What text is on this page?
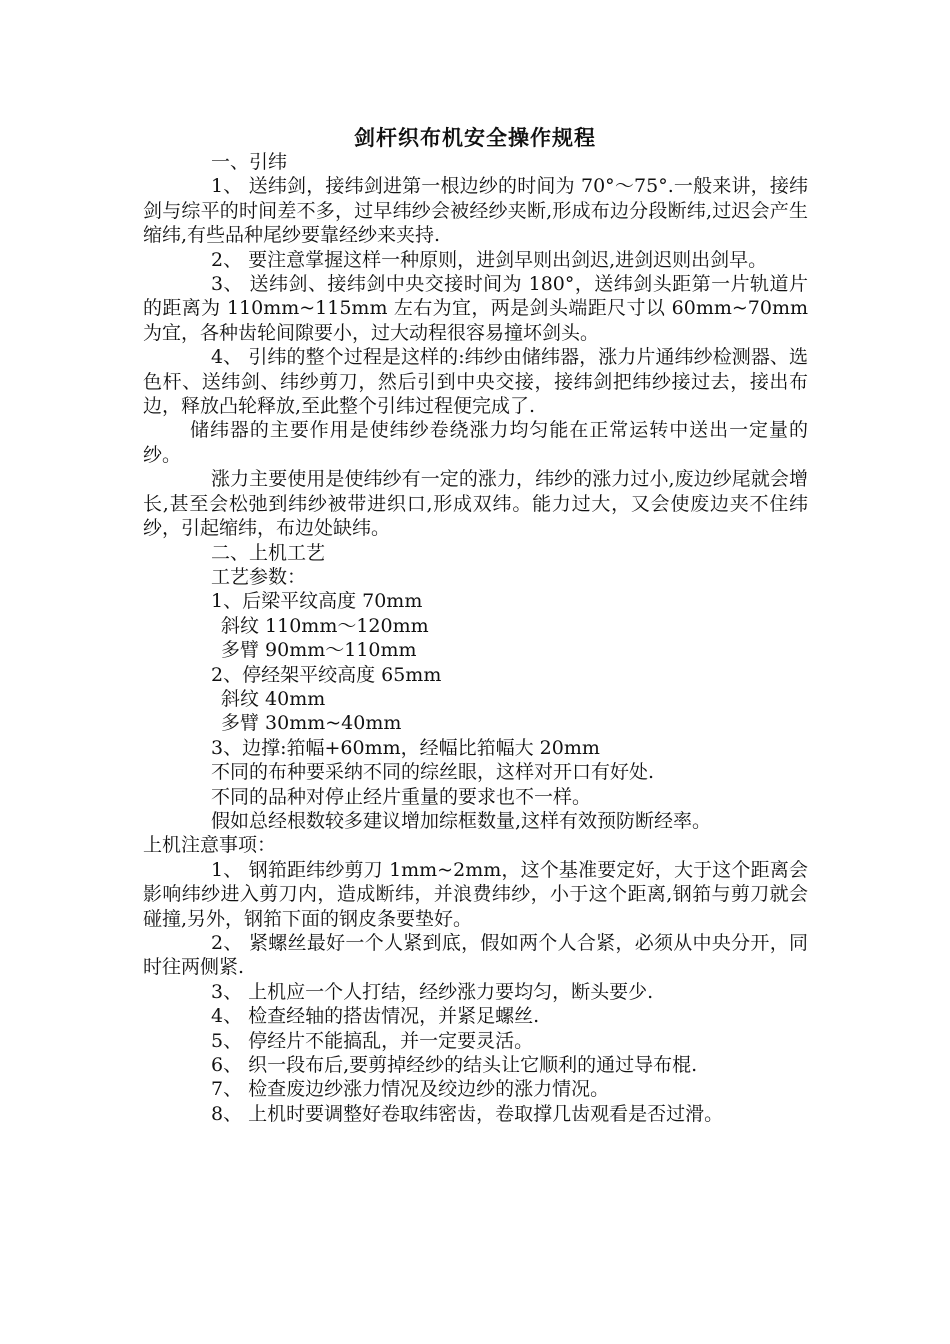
剑杆织布机安全操作规程

一、引纬

1、 送纬剑，接纬剑进第一根边纱的时间为 70°～75°.一般来讲，接纬剑与综平的时间差不多，过早纬纱会被经纱夹断,形成布边分段断纬,过迟会产生缩纬,有些品种尾纱要靠经纱来夹持.

2、 要注意掌握这样一种原则，进剑早则出剑迟,进剑迟则出剑早。

3、 送纬剑、接纬剑中央交接时间为 180°，送纬剑头距第一片轨道片的距离为 110mm~115mm 左右为宜，两是剑头端距尺寸以 60mm~70mm 为宜，各种齿轮间隙要小，过大动程很容易撞坏剑头。

4、 引纬的整个过程是这样的:纬纱由储纬器，涨力片通纬纱检测器、选色杆、送纬剑、纬纱剪刀，然后引到中央交接，接纬剑把纬纱接过去，接出布边，释放凸轮释放,至此整个引纬过程便完成了.

储纬器的主要作用是使纬纱卷绕涨力均匀能在正常运转中送出一定量的纱。

涨力主要使用是使纬纱有一定的涨力，纬纱的涨力过小,废边纱尾就会增长,甚至会松弛到纬纱被带进织口,形成双纬。能力过大，又会使废边夹不住纬纱，引起缩纬，布边处缺纬。

二、上机工艺

工艺参数：

1、后梁平纹高度 70mm

斜纹 110mm～120mm

多臂 90mm～110mm

2、停经架平绞高度 65mm

斜纹 40mm

多臂 30mm~40mm

3、边撑:筘幅+60mm，经幅比筘幅大 20mm

不同的布种要采纳不同的综丝眼，这样对开口有好处.

不同的品种对停止经片重量的要求也不一样。

假如总经根数较多建议增加综框数量,这样有效预防断经率。

上机注意事项：

1、 钢筘距纬纱剪刀 1mm~2mm，这个基准要定好，大于这个距离会影响纬纱进入剪刀内，造成断纬，并浪费纬纱，小于这个距离,钢筘与剪刀就会碰撞,另外，钢筘下面的钢皮条要垫好。

2、 紧螺丝最好一个人紧到底，假如两个人合紧，必须从中央分开，同时往两侧紧.

3、 上机应一个人打结，经纱涨力要均匀，断头要少.

4、 检查经轴的搭齿情况，并紧足螺丝.

5、 停经片不能搞乱，并一定要灵活。

6、 织一段布后,要剪掉经纱的结头让它顺利的通过导布棍.

7、 检查废边纱涨力情况及绞边纱的涨力情况。

8、 上机时要调整好卷取纬密齿，卷取撑几齿观看是否过滑。
